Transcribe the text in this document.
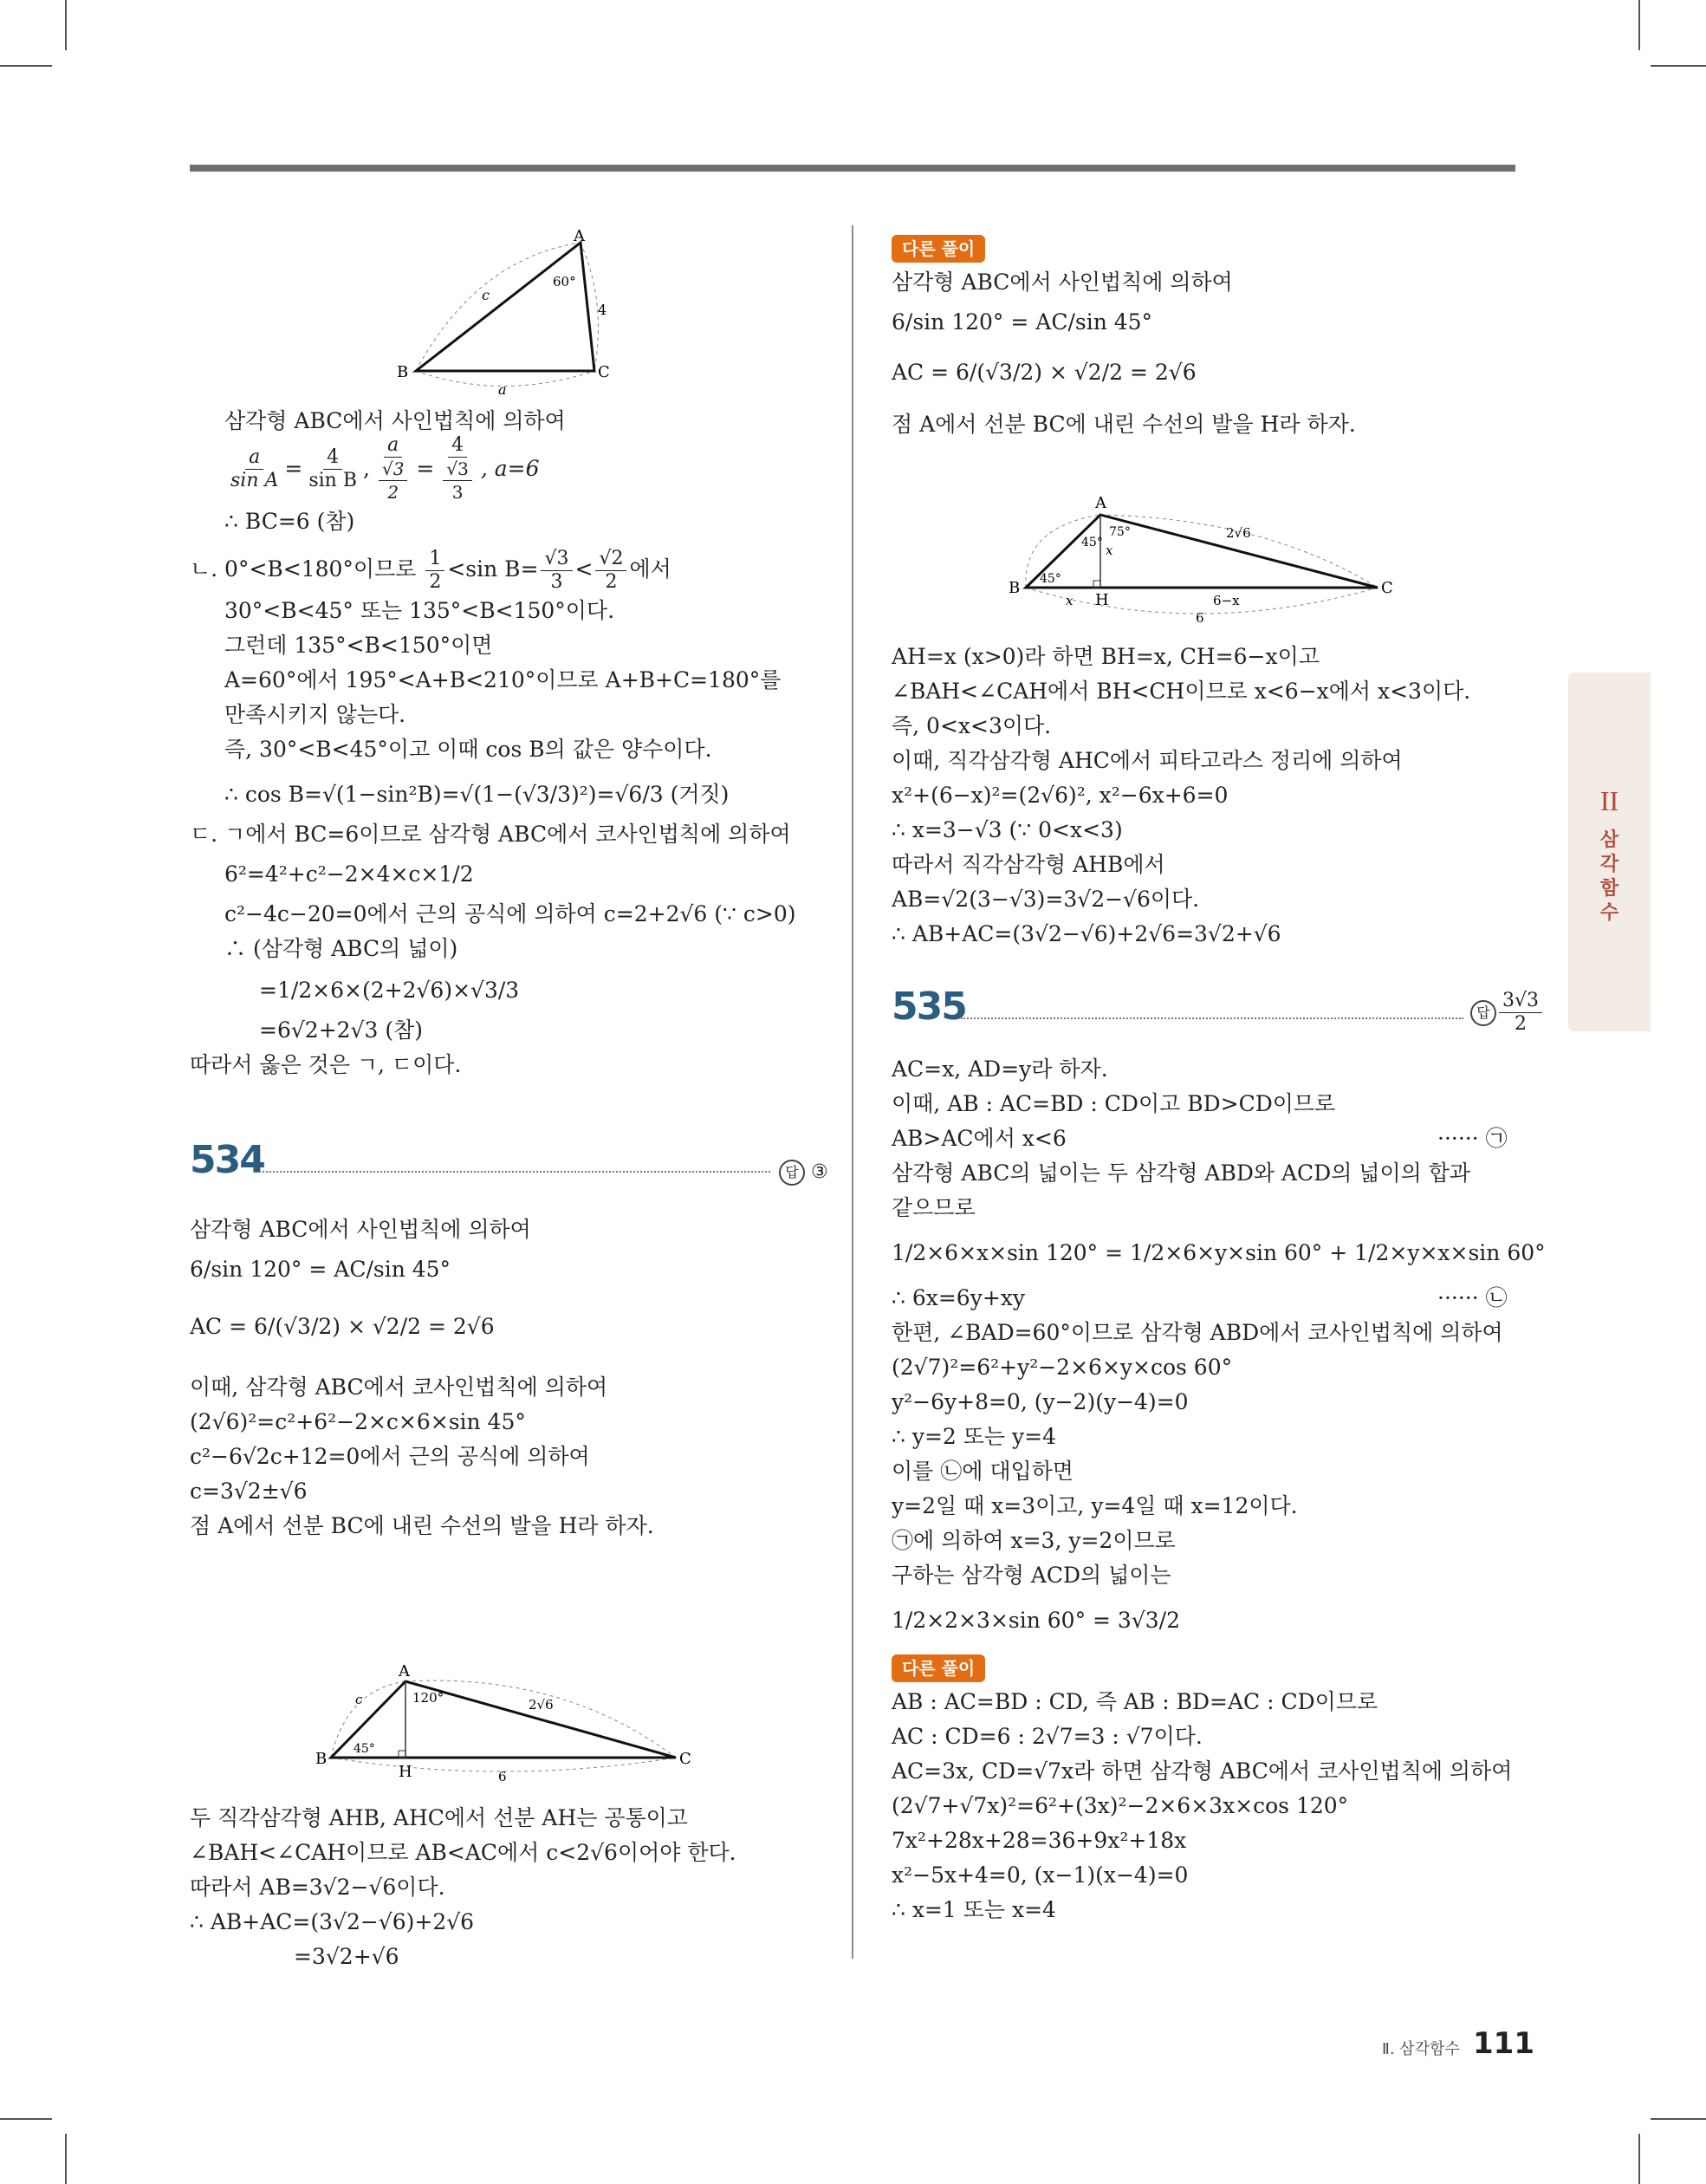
A
B	C
60°
c
4
a
삼각형 ABC에서 사인법칙에 의하여
$\frac{a}{\text{sin A}} = \frac{4}{\text{sin B}}$ , $\frac{a}{\frac{√3}{2}} = \frac{4}{\frac{√3}{3}}$ , a=6
∴ BC=6 (참)
ㄴ. 0°<B<180°이므로 $\frac{1}{2} <\sin$ $B= \frac{√3}{3} < \frac{√2}{2}$ 에서
30°<B<45° 또는 135°<B<150°이다.
그런데 135°<B<150°이면
A=60°에서 195°<A+B<210°이므로 A+B+C=180°를
만족시키지 않는다.
즉, 30°<B<45°이고 이때 cos B의 값은 양수이다.
∴ cos B=√(1−sin²B)=√(1−(√3/3)²)=√6/3 (거짓)
ㄷ. ㄱ에서 BC=6이므로 삼각형 ABC에서 코사인법칙에 의하여
6²=4²+c²−2×4×c×1/2
c²−4c−20=0에서 근의 공식에 의하여 c=2+2√6 (∵ c>0)
∴ (삼각형 ABC의 넓이)
=1/2×6×(2+2√6)×√3/3
=6√2+2√3 (참)
따라서 옳은 것은 ㄱ, ㄷ이다.
534	답 ③
삼각형 ABC에서 사인법칙에 의하여
6/sin 120° = AC/sin 45°
AC = 6/(√3/2) × √2/2 = 2√6
이때, 삼각형 ABC에서 코사인법칙에 의하여
(2√6)²=c²+6²−2×c×6×sin 45°
c²−6√2c+12=0에서 근의 공식에 의하여
c=3√2±√6
점 A에서 선분 BC에 내린 수선의 발을 H라 하자.
A
B	C
H
120°	2√6
6
c
45°
두 직각삼각형 AHB, AHC에서 선분 AH는 공통이고
∠BAH<∠CAH이므로 AB<AC에서 c<2√6이어야 한다.
따라서 AB=3√2−√6이다.
∴ AB+AC=(3√2−√6)+2√6
=3√2+√6
다른 풀이
삼각형 ABC에서 사인법칙에 의하여
6/sin 120° = AC/sin 45°
AC = 6/(√3/2) × √2/2 = 2√6
점 A에서 선분 BC에 내린 수선의 발을 H라 하자.
A
B	C
H
75°
45°
45°
x
x
2√6
6−x
6
AH=x (x>0)라 하면 BH=x, CH=6−x이고
∠BAH<∠CAH에서 BH<CH이므로 x<6−x에서 x<3이다.
즉, 0<x<3이다.
이때, 직각삼각형 AHC에서 피타고라스 정리에 의하여
x²+(6−x)²=(2√6)², x²−6x+6=0
∴ x=3−√3 (∵ 0<x<3)
따라서 직각삼각형 AHB에서
AB=√2(3−√3)=3√2−√6이다.
∴ AB+AC=(3√2−√6)+2√6=3√2+√6
535	답 $\frac{3√3}{2}$
AC=x, AD=y라 하자.
이때, AB : AC=BD : CD이고 BD>CD이므로
AB>AC에서 x<6	······ ㉠
삼각형 ABC의 넓이는 두 삼각형 ABD와 ACD의 넓이의 합과
같으므로
1/2×6×x×sin 120° = 1/2×6×y×sin 60° + 1/2×y×x×sin 60°
∴ 6x=6y+xy	······ ㉡
한편, ∠BAD=60°이므로 삼각형 ABD에서 코사인법칙에 의하여
(2√7)²=6²+y²−2×6×y×cos 60°
y²−6y+8=0, (y−2)(y−4)=0
∴ y=2 또는 y=4
이를 ㉡에 대입하면
y=2일 때 x=3이고, y=4일 때 x=12이다.
㉠에 의하여 x=3, y=2이므로
구하는 삼각형 ACD의 넓이는
1/2×2×3×sin 60° = 3√3/2
다른 풀이
AB : AC=BD : CD, 즉 AB : BD=AC : CD이므로
AC : CD=6 : 2√7=3 : √7이다.
AC=3x, CD=√7x라 하면 삼각형 ABC에서 코사인법칙에 의하여
(2√7+√7x)²=6²+(3x)²−2×6×3x×cos 120°
7x²+28x+28=36+9x²+18x
x²−5x+4=0, (x−1)(x−4)=0
∴ x=1 또는 x=4
II
삼
각
함
수
Ⅱ. 삼각함수 111
